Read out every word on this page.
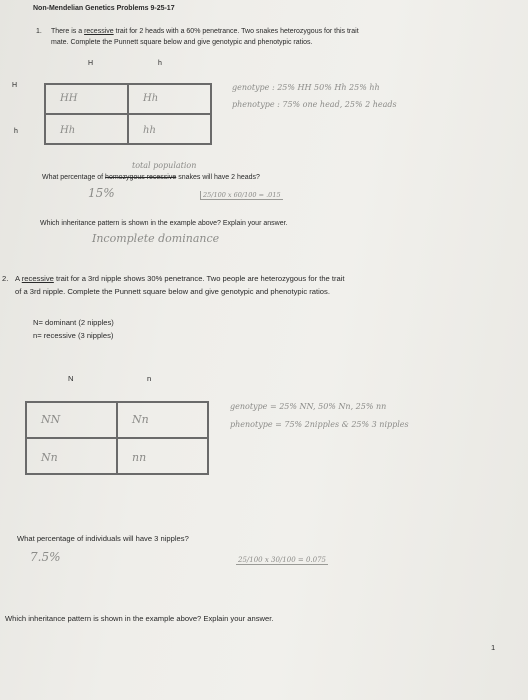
Non-Mendelian Genetics Problems 9-25-17
1. There is a recessive trait for 2 heads with a 60% penetrance. Two snakes heterozygous for this trait
mate. Complete the Punnett square below and give genotypic and phenotypic ratios.
H	h
H
h
HH	Hh
Hh	hh
genotype : 25% HH 50% Hh 25% hh
phenotype : 75% one head, 25% 2 heads
total population
What percentage of homozygous recessive snakes will have 2 heads?
15%	25/100 x 60/100 = .015
Which inheritance pattern is shown in the example above? Explain your answer.
Incomplete dominance
2. A recessive trait for a 3rd nipple shows 30% penetrance. Two people are heterozygous for the trait
of a 3rd nipple. Complete the Punnett square below and give genotypic and phenotypic ratios.
N= dominant (2 nipples)
n= recessive (3 nipples)
N	n
NN	Nn
Nn	nn
genotype = 25% NN, 50% Nn, 25% nn
phenotype = 75% 2nipples & 25% 3 nipples
What percentage of individuals will have 3 nipples?
7.5%	25/100 x 30/100 = 0.075
Which inheritance pattern is shown in the example above? Explain your answer.
1
